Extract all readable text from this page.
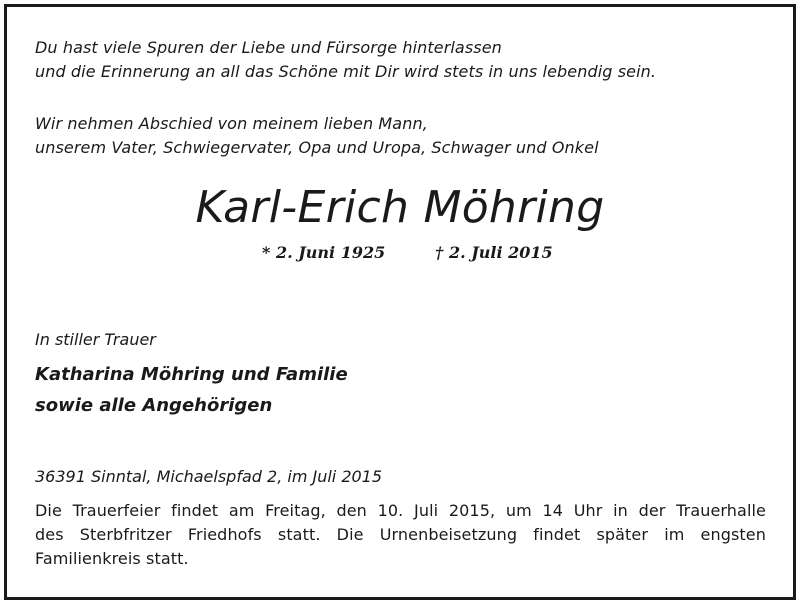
Du hast viele Spuren der Liebe und Fürsorge hinterlassen
und die Erinnerung an all das Schöne mit Dir wird stets in uns lebendig sein.
Wir nehmen Abschied von meinem lieben Mann,
unserem Vater, Schwiegervater, Opa und Uropa, Schwager und Onkel
Karl-Erich Möhring
* 2. Juni 1925	† 2. Juli 2015
In stiller Trauer
Katharina Möhring und Familie
sowie alle Angehörigen
36391 Sinntal, Michaelspfad 2, im Juli 2015
Die Trauerfeier findet am Freitag, den 10. Juli 2015, um 14 Uhr in der Trauerhalle
des Sterbfritzer Friedhofs statt. Die Urnenbeisetzung findet später im engsten
Familienkreis statt.
